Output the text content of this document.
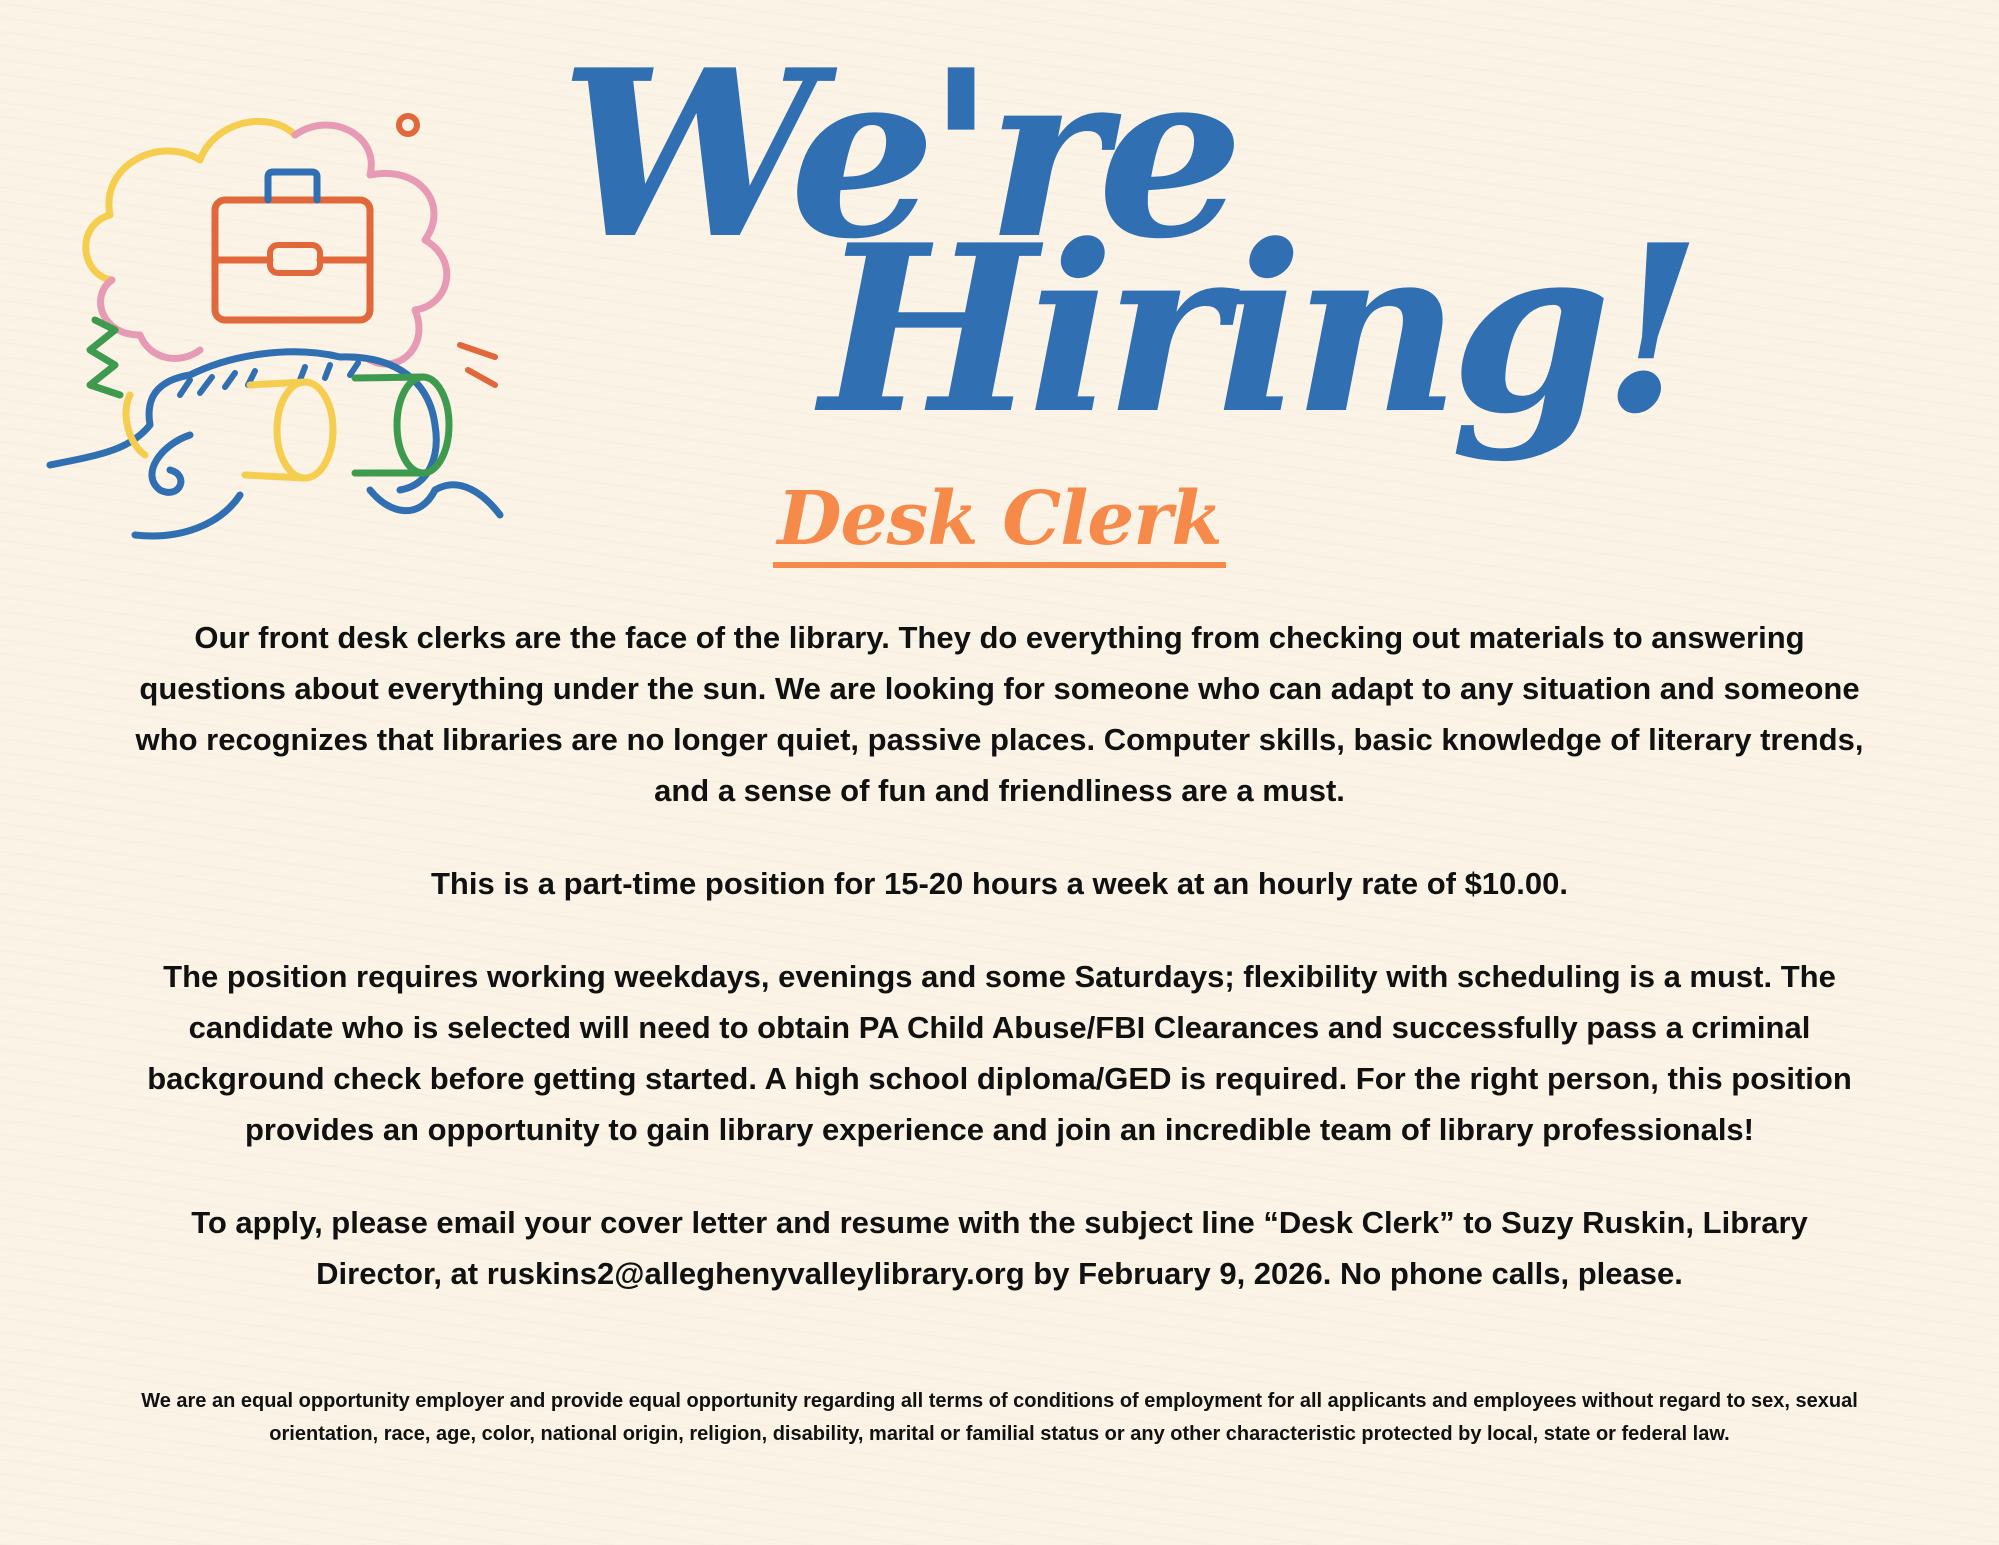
We're
Hiring!
Desk Clerk

Our front desk clerks are the face of the library. They do everything from checking out materials to answering questions about everything under the sun. We are looking for someone who can adapt to any situation and someone who recognizes that libraries are no longer quiet, passive places. Computer skills, basic knowledge of literary trends, and a sense of fun and friendliness are a must.

This is a part-time position for 15-20 hours a week at an hourly rate of $10.00.

The position requires working weekdays, evenings and some Saturdays; flexibility with scheduling is a must. The candidate who is selected will need to obtain PA Child Abuse/FBI Clearances and successfully pass a criminal background check before getting started. A high school diploma/GED is required. For the right person, this position provides an opportunity to gain library experience and join an incredible team of library professionals!

To apply, please email your cover letter and resume with the subject line “Desk Clerk” to Suzy Ruskin, Library Director, at ruskins2@alleghenyvalleylibrary.org by February 9, 2026. No phone calls, please.

We are an equal opportunity employer and provide equal opportunity regarding all terms of conditions of employment for all applicants and employees without regard to sex, sexual orientation, race, age, color, national origin, religion, disability, marital or familial status or any other characteristic protected by local, state or federal law.
